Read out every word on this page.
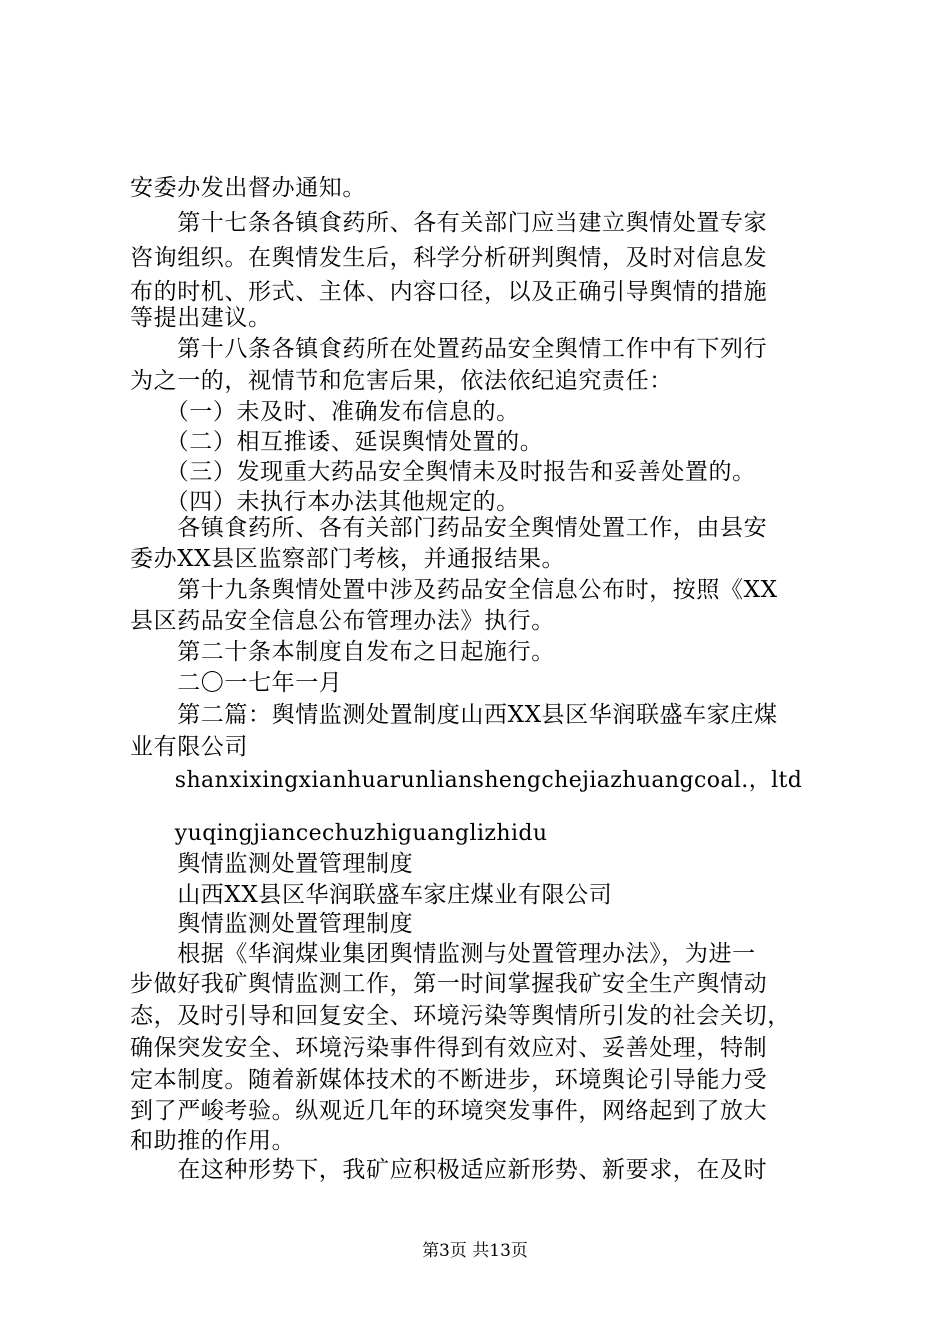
安委办发出督办通知。
　　第十七条各镇食药所、各有关部门应当建立舆情处置专家
咨询组织。在舆情发生后，科学分析研判舆情，及时对信息发
布的时机、形式、主体、内容口径，以及正确引导舆情的措施
等提出建议。
　　第十八条各镇食药所在处置药品安全舆情工作中有下列行
为之一的，视情节和危害后果，依法依纪追究责任：
　　（一）未及时、准确发布信息的。
　　（二）相互推诿、延误舆情处置的。
　　（三）发现重大药品安全舆情未及时报告和妥善处置的。
　　（四）未执行本办法其他规定的。
　　各镇食药所、各有关部门药品安全舆情处置工作，由县安
委办XX县区监察部门考核，并通报结果。
　　第十九条舆情处置中涉及药品安全信息公布时，按照《XX
县区药品安全信息公布管理办法》执行。
　　第二十条本制度自发布之日起施行。
　　二〇一七年一月
　　第二篇：舆情监测处置制度山西XX县区华润联盛车家庄煤
业有限公司
　　shanxixingxianhuarunlianshengchejiazhuangcoal.，ltd
　　yuqingjiancechuzhiguanglizhidu
　　舆情监测处置管理制度
　　山西XX县区华润联盛车家庄煤业有限公司
　　舆情监测处置管理制度
　　根据《华润煤业集团舆情监测与处置管理办法》，为进一
步做好我矿舆情监测工作，第一时间掌握我矿安全生产舆情动
态，及时引导和回复安全、环境污染等舆情所引发的社会关切，
确保突发安全、环境污染事件得到有效应对、妥善处理，特制
定本制度。随着新媒体技术的不断进步，环境舆论引导能力受
到了严峻考验。纵观近几年的环境突发事件，网络起到了放大
和助推的作用。
　　在这种形势下，我矿应积极适应新形势、新要求，在及时
第3页 共13页
